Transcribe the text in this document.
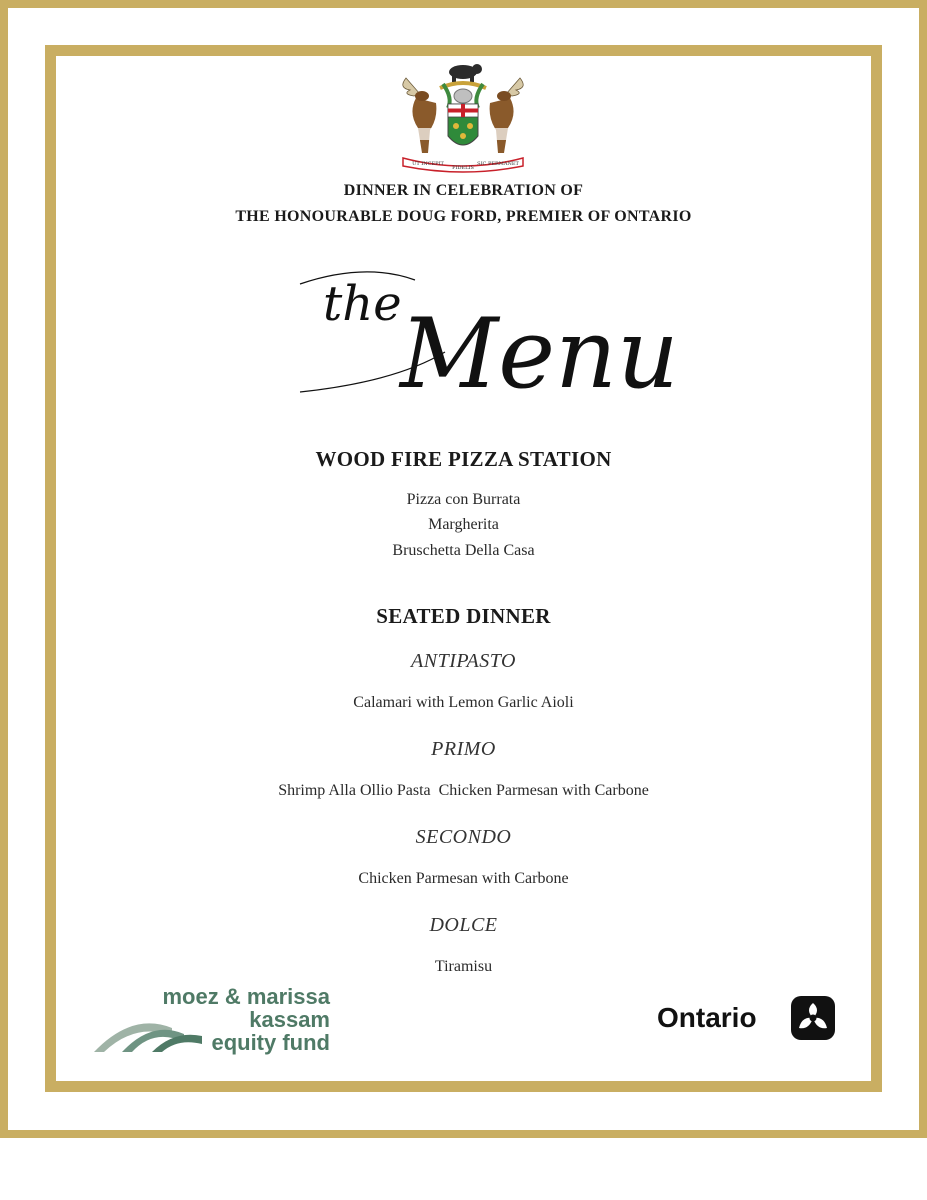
UT INCEPIT
FIDELIS
SIC PERMANET
DINNER IN CELEBRATION OF
THE HONOURABLE DOUG FORD, PREMIER OF ONTARIO
the
Menu
WOOD FIRE PIZZA STATION
Pizza con Burrata
Margherita
Bruschetta Della Casa
SEATED DINNER
ANTIPASTO
Calamari with Lemon Garlic Aioli
PRIMO
Shrimp Alla Ollio Pasta  Chicken Parmesan with Carbone
SECONDO
Chicken Parmesan with Carbone
DOLCE
Tiramisu
moez & marissa
kassam
equity fund
Ontario
